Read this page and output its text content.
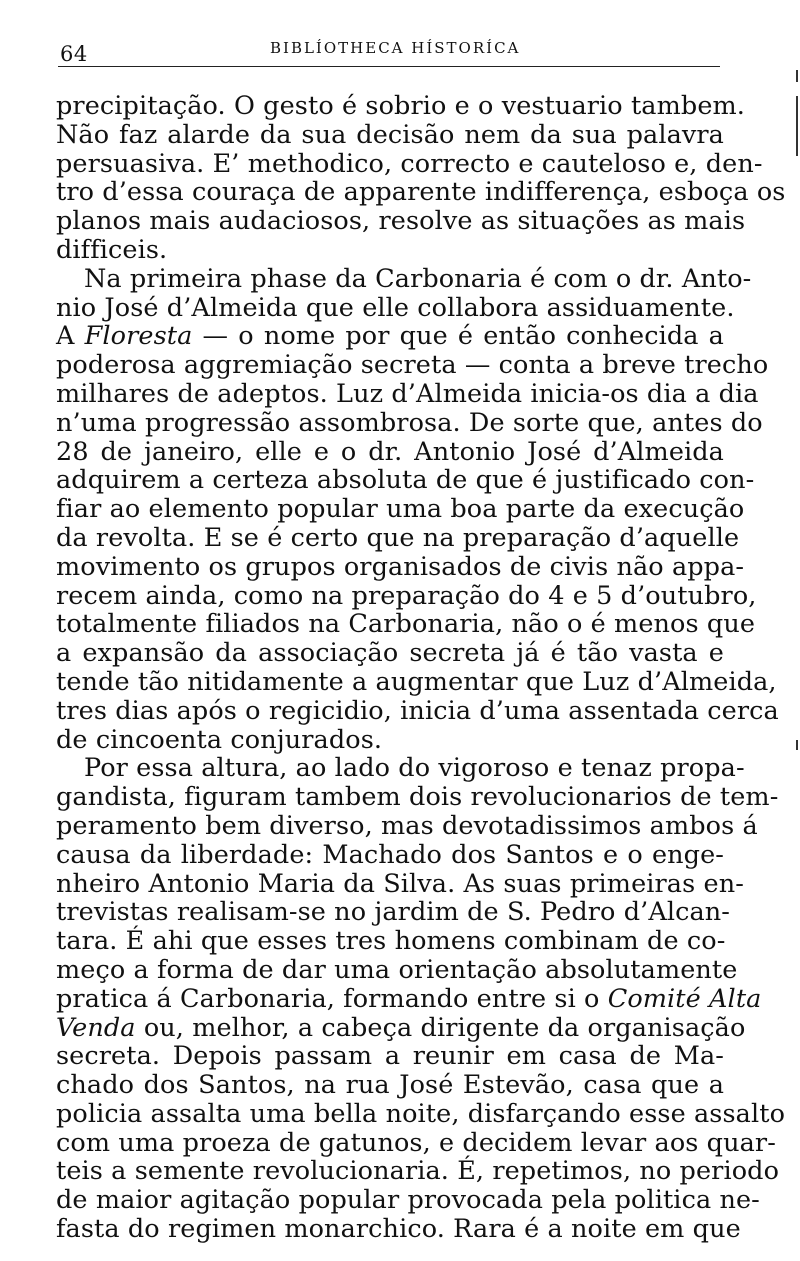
64	BIBLÍOTHECA HÍSTORÍCA
precipitação. O gesto é sobrio e o vestuario tambem.
Não faz alarde da sua decisão nem da sua palavra
persuasiva. E’ methodico, correcto e cauteloso e, den-
tro d’essa couraça de apparente indifferença, esboça os
planos mais audaciosos, resolve as situações as mais
difficeis.
Na primeira phase da Carbonaria é com o dr. Anto-
nio José d’Almeida que elle collabora assiduamente.
A Floresta — o nome por que é então conhecida a
poderosa aggremiação secreta — conta a breve trecho
milhares de adeptos. Luz d’Almeida inicia-os dia a dia
n’uma progressão assombrosa. De sorte que, antes do
28 de janeiro, elle e o dr. Antonio José d’Almeida
adquirem a certeza absoluta de que é justificado con-
fiar ao elemento popular uma boa parte da execução
da revolta. E se é certo que na preparação d’aquelle
movimento os grupos organisados de civis não appa-
recem ainda, como na preparação do 4 e 5 d’outubro,
totalmente filiados na Carbonaria, não o é menos que
a expansão da associação secreta já é tão vasta e
tende tão nitidamente a augmentar que Luz d’Almeida,
tres dias após o regicidio, inicia d’uma assentada cerca
de cincoenta conjurados.
Por essa altura, ao lado do vigoroso e tenaz propa-
gandista, figuram tambem dois revolucionarios de tem-
peramento bem diverso, mas devotadissimos ambos á
causa da liberdade: Machado dos Santos e o enge-
nheiro Antonio Maria da Silva. As suas primeiras en-
trevistas realisam-se no jardim de S. Pedro d’Alcan-
tara. É ahi que esses tres homens combinam de co-
meço a forma de dar uma orientação absolutamente
pratica á Carbonaria, formando entre si o Comité Alta
Venda ou, melhor, a cabeça dirigente da organisação
secreta. Depois passam a reunir em casa de Ma-
chado dos Santos, na rua José Estevão, casa que a
policia assalta uma bella noite, disfarçando esse assalto
com uma proeza de gatunos, e decidem levar aos quar-
teis a semente revolucionaria. É, repetimos, no periodo
de maior agitação popular provocada pela politica ne-
fasta do regimen monarchico. Rara é a noite em que
